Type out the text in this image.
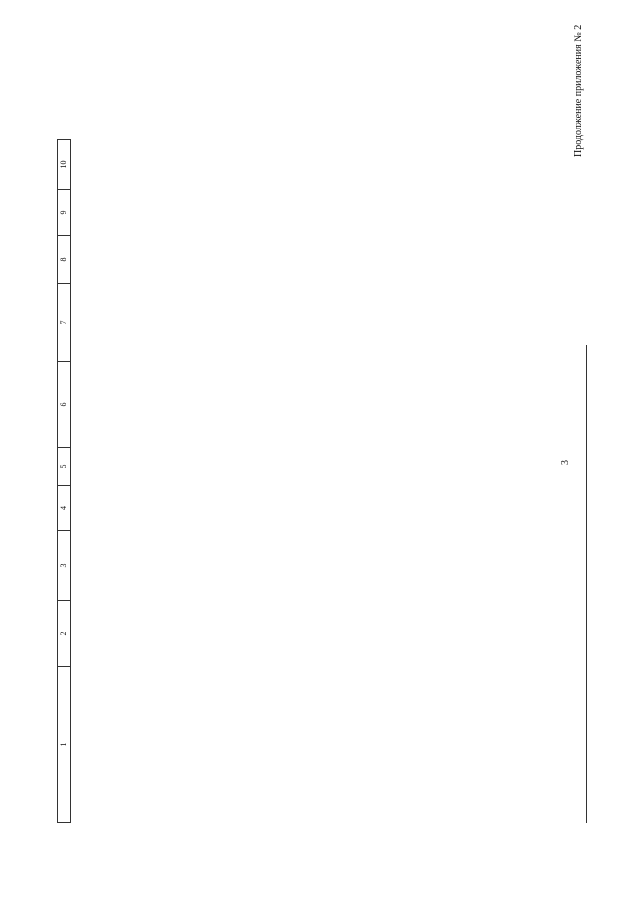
3
Продолжение приложения № 2
1	2	3	4	5	6	7	8	9	10
